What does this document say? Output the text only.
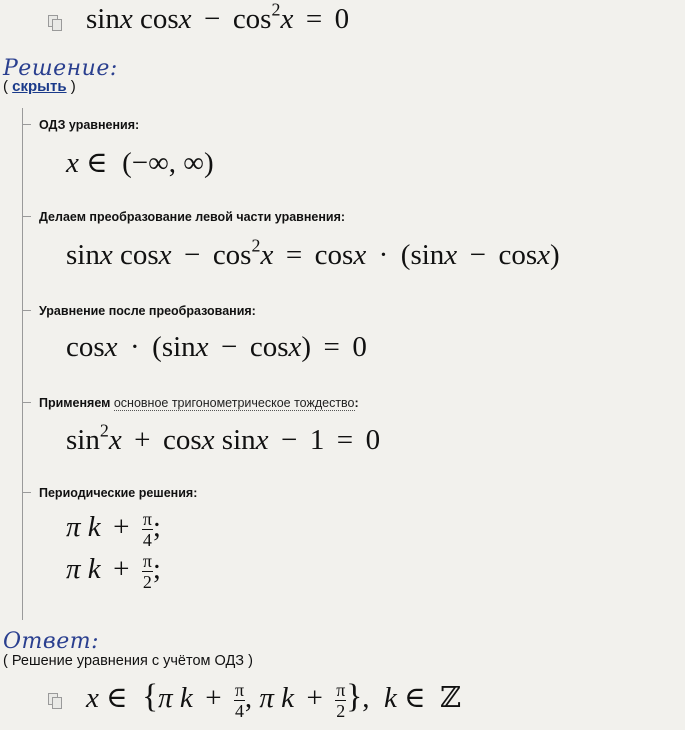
sinx $\cos x - \cos^2x = 0$
Решение:
( скрыть )
ОДЗ уравнения:
x ∈  (−∞, ∞)
Делаем преобразование левой части уравнения:
sinx $\cos x - \cos^2x = \cos x \cdot (\sin x - \cos x)$
Уравнение после преобразования:
cosx · (sinx − cosx) = 0
Применяем основное тригонометрическое тождество:
$\sin^2x + \cos x$ sinx − 1 = 0
Периодические решения:
π $k + \frac{\pi}{4}$ ;
π $k + \frac{\pi}{2}$ ;
Ответ:
( Решение уравнения с учётом ОДЗ )
x ∈  {π $k + \frac{\pi}{4}$ , π $k + \frac{\pi}{2}$ },  k ∈  ℤ
